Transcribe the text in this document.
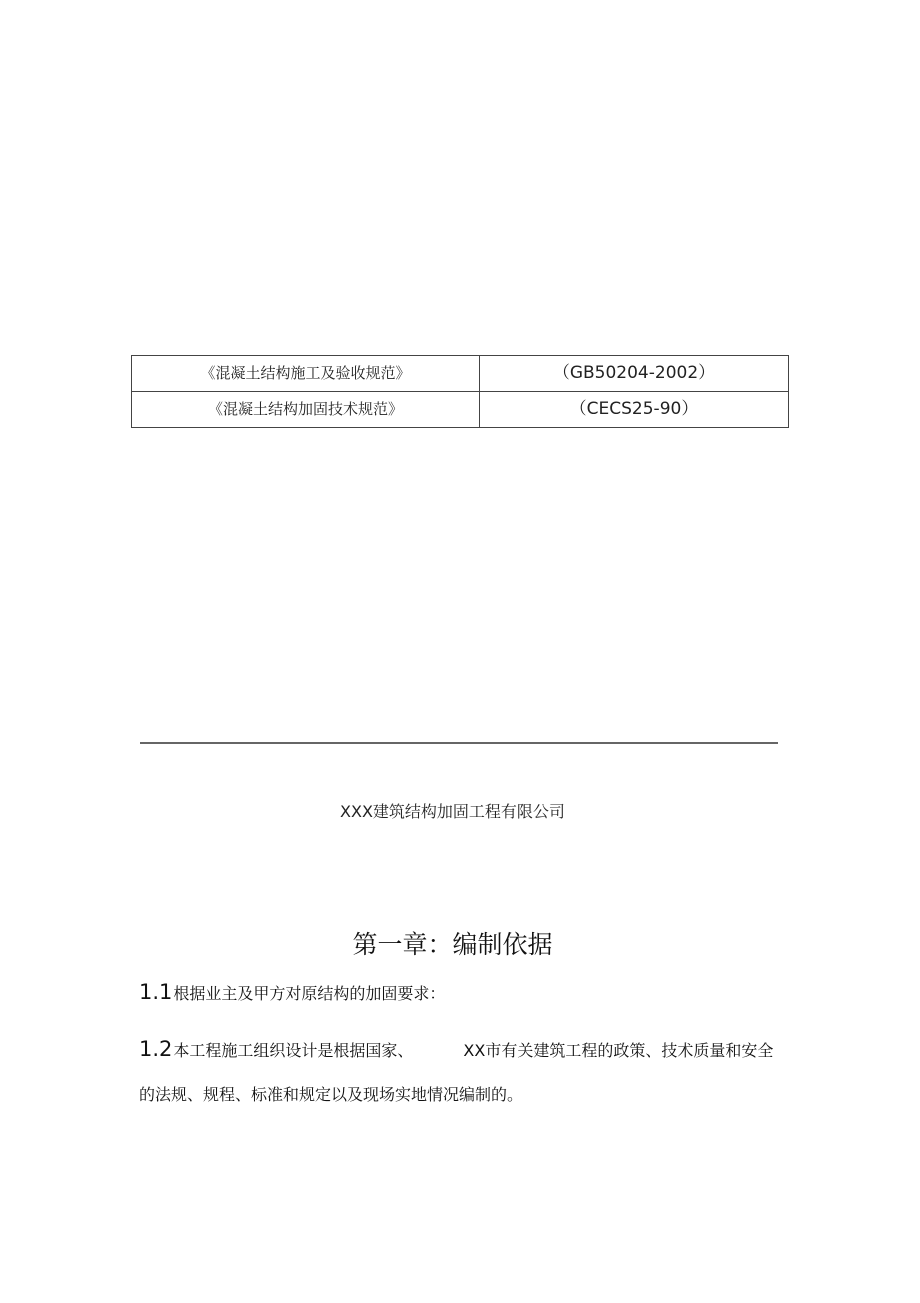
《混凝土结构施工及验收规范》	（GB50204-2002）
《混凝土结构加固技术规范》	（CECS25-90）
XXX建筑结构加固工程有限公司
第一章：编制依据
1.1根据业主及甲方对原结构的加固要求：
1.2本工程施工组织设计是根据国家、	XX市有关建筑工程的政策、技术质量和安全的法规、规程、标准和规定以及现场实地情况编制的。
